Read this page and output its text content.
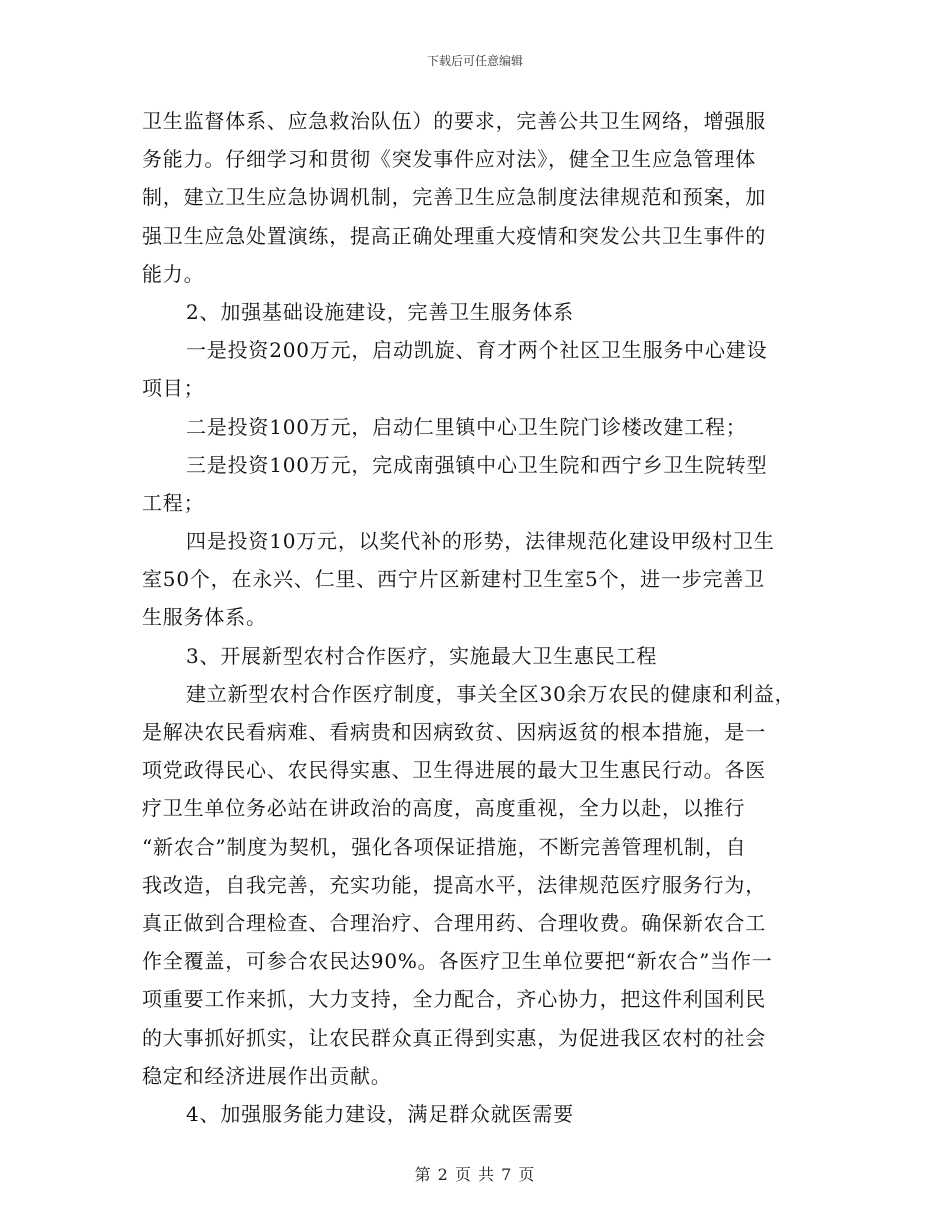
下载后可任意编辑
卫生监督体系、应急救治队伍）的要求，完善公共卫生网络，增强服
务能力。仔细学习和贯彻《突发事件应对法》，健全卫生应急管理体
制，建立卫生应急协调机制，完善卫生应急制度法律规范和预案，加
强卫生应急处置演练，提高正确处理重大疫情和突发公共卫生事件的
能力。
2、加强基础设施建设，完善卫生服务体系
一是投资200万元，启动凯旋、育才两个社区卫生服务中心建设
项目；
二是投资100万元，启动仁里镇中心卫生院门诊楼改建工程；
三是投资100万元，完成南强镇中心卫生院和西宁乡卫生院转型
工程；
四是投资10万元，以奖代补的形势，法律规范化建设甲级村卫生
室50个，在永兴、仁里、西宁片区新建村卫生室5个，进一步完善卫
生服务体系。
3、开展新型农村合作医疗，实施最大卫生惠民工程
建立新型农村合作医疗制度，事关全区30余万农民的健康和利益，
是解决农民看病难、看病贵和因病致贫、因病返贫的根本措施，是一
项党政得民心、农民得实惠、卫生得进展的最大卫生惠民行动。各医
疗卫生单位务必站在讲政治的高度，高度重视，全力以赴，以推行
“新农合”制度为契机，强化各项保证措施，不断完善管理机制，自
我改造，自我完善，充实功能，提高水平，法律规范医疗服务行为，
真正做到合理检查、合理治疗、合理用药、合理收费。确保新农合工
作全覆盖，可参合农民达90%。各医疗卫生单位要把“新农合”当作一
项重要工作来抓，大力支持，全力配合，齐心协力，把这件利国利民
的大事抓好抓实，让农民群众真正得到实惠，为促进我区农村的社会
稳定和经济进展作出贡献。
4、加强服务能力建设，满足群众就医需要
第 2 页 共 7 页
